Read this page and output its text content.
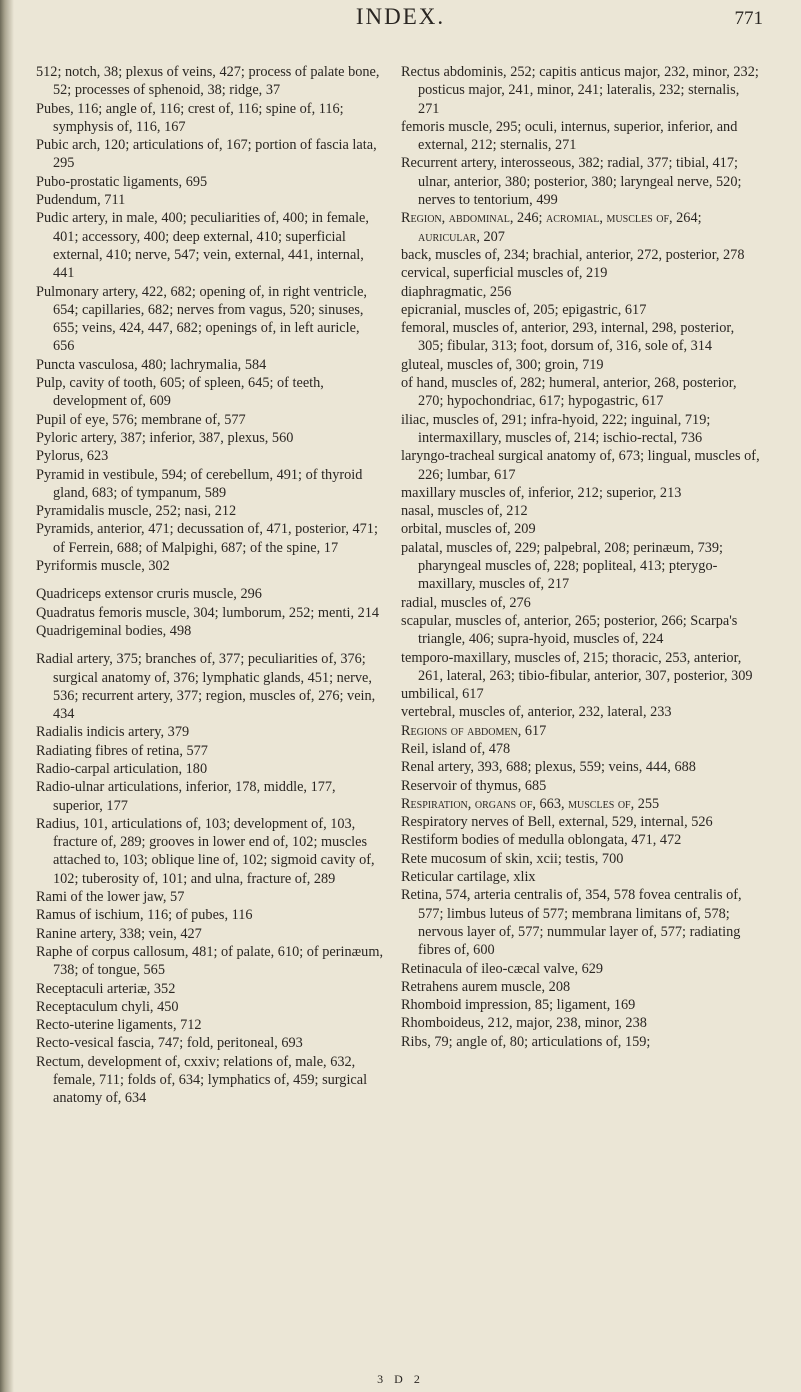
INDEX.	771

512; notch, 38; plexus of veins, 427; process of palate bone, 52; processes of sphenoid, 38; ridge, 37

Pubes, 116; angle of, 116; crest of, 116; spine of, 116; symphysis of, 116, 167

Pubic arch, 120; articulations of, 167; portion of fascia lata, 295

Pubo-prostatic ligaments, 695

Pudendum, 711

Pudic artery, in male, 400; peculiarities of, 400; in female, 401; accessory, 400; deep external, 410; superficial external, 410; nerve, 547; vein, external, 441, internal, 441

Pulmonary artery, 422, 682; opening of, in right ventricle, 654; capillaries, 682; nerves from vagus, 520; sinuses, 655; veins, 424, 447, 682; openings of, in left auricle, 656

Puncta vasculosa, 480; lachrymalia, 584

Pulp, cavity of tooth, 605; of spleen, 645; of teeth, development of, 609

Pupil of eye, 576; membrane of, 577

Pyloric artery, 387; inferior, 387, plexus, 560

Pylorus, 623

Pyramid in vestibule, 594; of cerebellum, 491; of thyroid gland, 683; of tympanum, 589

Pyramidalis muscle, 252; nasi, 212

Pyramids, anterior, 471; decussation of, 471, posterior, 471; of Ferrein, 688; of Malpighi, 687; of the spine, 17

Pyriformis muscle, 302

Quadriceps extensor cruris muscle, 296

Quadratus femoris muscle, 304; lumborum, 252; menti, 214

Quadrigeminal bodies, 498

Radial artery, 375; branches of, 377; peculiarities of, 376; surgical anatomy of, 376; lymphatic glands, 451; nerve, 536; recurrent artery, 377; region, muscles of, 276; vein, 434

Radialis indicis artery, 379

Radiating fibres of retina, 577

Radio-carpal articulation, 180

Radio-ulnar articulations, inferior, 178, middle, 177, superior, 177

Radius, 101, articulations of, 103; development of, 103, fracture of, 289; grooves in lower end of, 102; muscles attached to, 103; oblique line of, 102; sigmoid cavity of, 102; tuberosity of, 101; and ulna, fracture of, 289

Rami of the lower jaw, 57

Ramus of ischium, 116; of pubes, 116

Ranine artery, 338; vein, 427

Raphe of corpus callosum, 481; of palate, 610; of perinæum, 738; of tongue, 565

Receptaculi arteriæ, 352

Receptaculum chyli, 450

Recto-uterine ligaments, 712

Recto-vesical fascia, 747; fold, peritoneal, 693

Rectum, development of, cxxiv; relations of, male, 632, female, 711; folds of, 634; lymphatics of, 459; surgical anatomy of, 634

Rectus abdominis, 252; capitis anticus major, 232, minor, 232; posticus major, 241, minor, 241; lateralis, 232; sternalis, 271

femoris muscle, 295; oculi, internus, superior, inferior, and external, 212; sternalis, 271

Recurrent artery, interosseous, 382; radial, 377; tibial, 417; ulnar, anterior, 380; posterior, 380; laryngeal nerve, 520; nerves to tentorium, 499

Region, abdominal, 246; acromial, muscles of, 264; auricular, 207

back, muscles of, 234; brachial, anterior, 272, posterior, 278

cervical, superficial muscles of, 219

diaphragmatic, 256

epicranial, muscles of, 205; epigastric, 617

femoral, muscles of, anterior, 293, internal, 298, posterior, 305; fibular, 313; foot, dorsum of, 316, sole of, 314

gluteal, muscles of, 300; groin, 719

of hand, muscles of, 282; humeral, anterior, 268, posterior, 270; hypochondriac, 617; hypogastric, 617

iliac, muscles of, 291; infra-hyoid, 222; inguinal, 719; intermaxillary, muscles of, 214; ischio-rectal, 736

laryngo-tracheal surgical anatomy of, 673; lingual, muscles of, 226; lumbar, 617

maxillary muscles of, inferior, 212; superior, 213

nasal, muscles of, 212

orbital, muscles of, 209

palatal, muscles of, 229; palpebral, 208; perinæum, 739; pharyngeal muscles of, 228; popliteal, 413; pterygo-maxillary, muscles of, 217

radial, muscles of, 276

scapular, muscles of, anterior, 265; posterior, 266; Scarpa's triangle, 406; supra-hyoid, muscles of, 224

temporo-maxillary, muscles of, 215; thoracic, 253, anterior, 261, lateral, 263; tibio-fibular, anterior, 307, posterior, 309

umbilical, 617

vertebral, muscles of, anterior, 232, lateral, 233

Regions of abdomen, 617

Reil, island of, 478

Renal artery, 393, 688; plexus, 559; veins, 444, 688

Reservoir of thymus, 685

Respiration, organs of, 663, muscles of, 255

Respiratory nerves of Bell, external, 529, internal, 526

Restiform bodies of medulla oblongata, 471, 472

Rete mucosum of skin, xcii; testis, 700

Reticular cartilage, xlix

Retina, 574, arteria centralis of, 354, 578 fovea centralis of, 577; limbus luteus of 577; membrana limitans of, 578; nervous layer of, 577; nummular layer of, 577; radiating fibres of, 600

Retinacula of ileo-cæcal valve, 629

Retrahens aurem muscle, 208

Rhomboid impression, 85; ligament, 169

Rhomboideus, 212, major, 238, minor, 238

Ribs, 79; angle of, 80; articulations of, 159;

3 D 2
